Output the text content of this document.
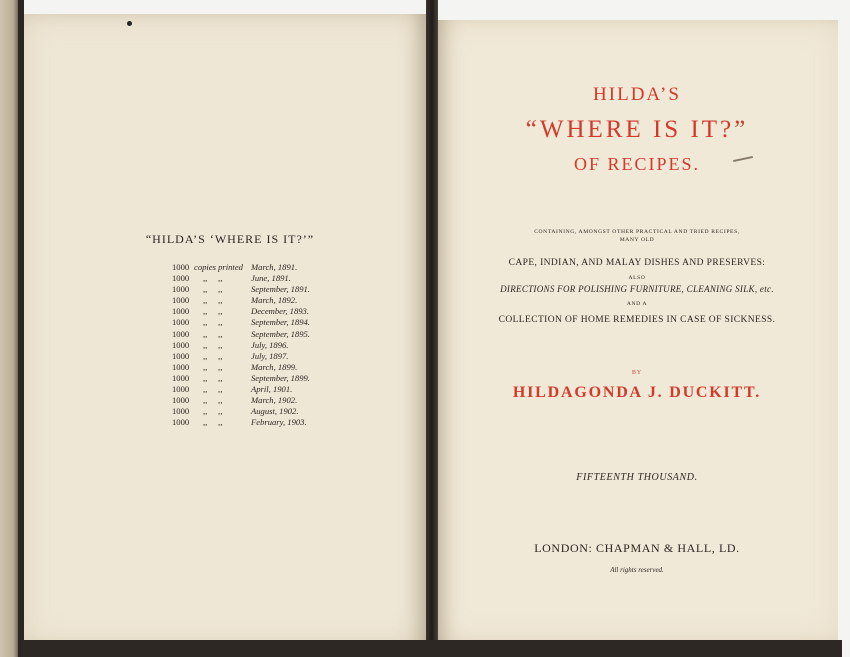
“HILDA’S ‘WHERE IS IT?’”
1000 copies printed March, 1891.
1000 ,,     ,,	June, 1891.
1000 ,,     ,,	September, 1891.
1000 ,,     ,,	March, 1892.
1000 ,,     ,,	December, 1893.
1000 ,,     ,,	September, 1894.
1000 ,,     ,,	September, 1895.
1000 ,,     ,,	July, 1896.
1000 ,,     ,,	July, 1897.
1000 ,,     ,,	March, 1899.
1000 ,,     ,,	September, 1899.
1000 ,,     ,,	April, 1901.
1000 ,,     ,,	March, 1902.
1000 ,,     ,,	August, 1902.
1000 ,,     ,,	February, 1903.
HILDA’S
“WHERE IS IT?”
OF RECIPES.
CONTAINING, AMONGST OTHER PRACTICAL AND TRIED RECIPES,
MANY OLD
CAPE, INDIAN, AND MALAY DISHES AND PRESERVES:
ALSO
DIRECTIONS FOR POLISHING FURNITURE, CLEANING SILK, etc.
AND A
COLLECTION OF HOME REMEDIES IN CASE OF SICKNESS.
BY
HILDAGONDA J. DUCKITT.
FIFTEENTH THOUSAND.
LONDON: CHAPMAN & HALL, LD.
All rights reserved.
